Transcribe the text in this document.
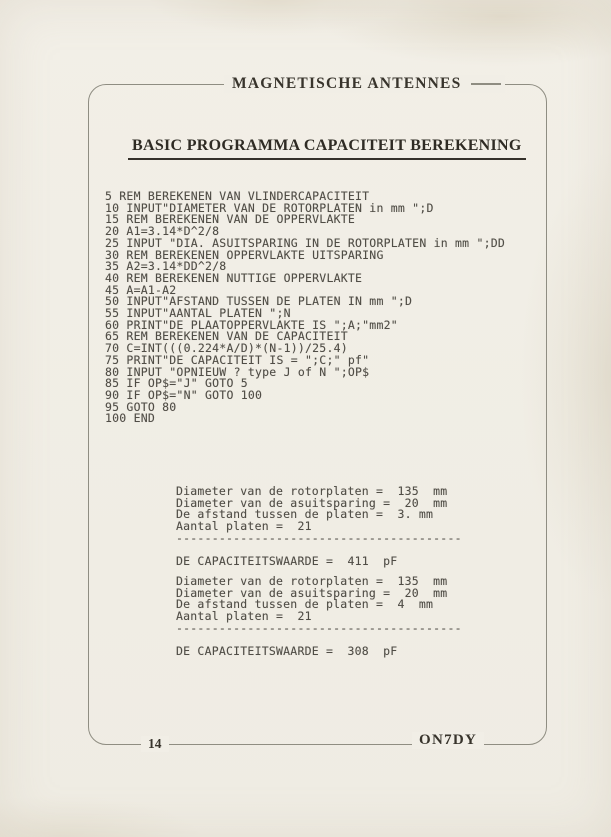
MAGNETISCHE ANTENNES
BASIC PROGRAMMA CAPACITEIT BEREKENING
5 REM BEREKENEN VAN VLINDERCAPACITEIT
10 INPUT"DIAMETER VAN DE ROTORPLATEN in mm ";D
15 REM BEREKENEN VAN DE OPPERVLAKTE
20 A1=3.14*D^2/8
25 INPUT "DIA. ASUITSPARING IN DE ROTORPLATEN in mm ";DD
30 REM BEREKENEN OPPERVLAKTE UITSPARING
35 A2=3.14*DD^2/8
40 REM BEREKENEN NUTTIGE OPPERVLAKTE
45 A=A1-A2
50 INPUT"AFSTAND TUSSEN DE PLATEN IN mm ";D
55 INPUT"AANTAL PLATEN ";N
60 PRINT"DE PLAATOPPERVLAKTE IS ";A;"mm2"
65 REM BEREKENEN VAN DE CAPACITEIT
70 C=INT(((0.224*A/D)*(N-1))/25.4)
75 PRINT"DE CAPACITEIT IS = ";C;" pf"
80 INPUT "OPNIEUW ? type J of N ";OP$
85 IF OP$="J" GOTO 5
90 IF OP$="N" GOTO 100
95 GOTO 80
100 END
Diameter van de rotorplaten =  135  mm
Diameter van de asuitsparing =  20  mm
De afstand tussen de platen =  3. mm
Aantal platen =  21
----------------------------------------
DE CAPACITEITSWAARDE =  411  pF
Diameter van de rotorplaten =  135  mm
Diameter van de asuitsparing =  20  mm
De afstand tussen de platen =  4  mm
Aantal platen =  21
----------------------------------------
DE CAPACITEITSWAARDE =  308  pF
14	ON7DY
